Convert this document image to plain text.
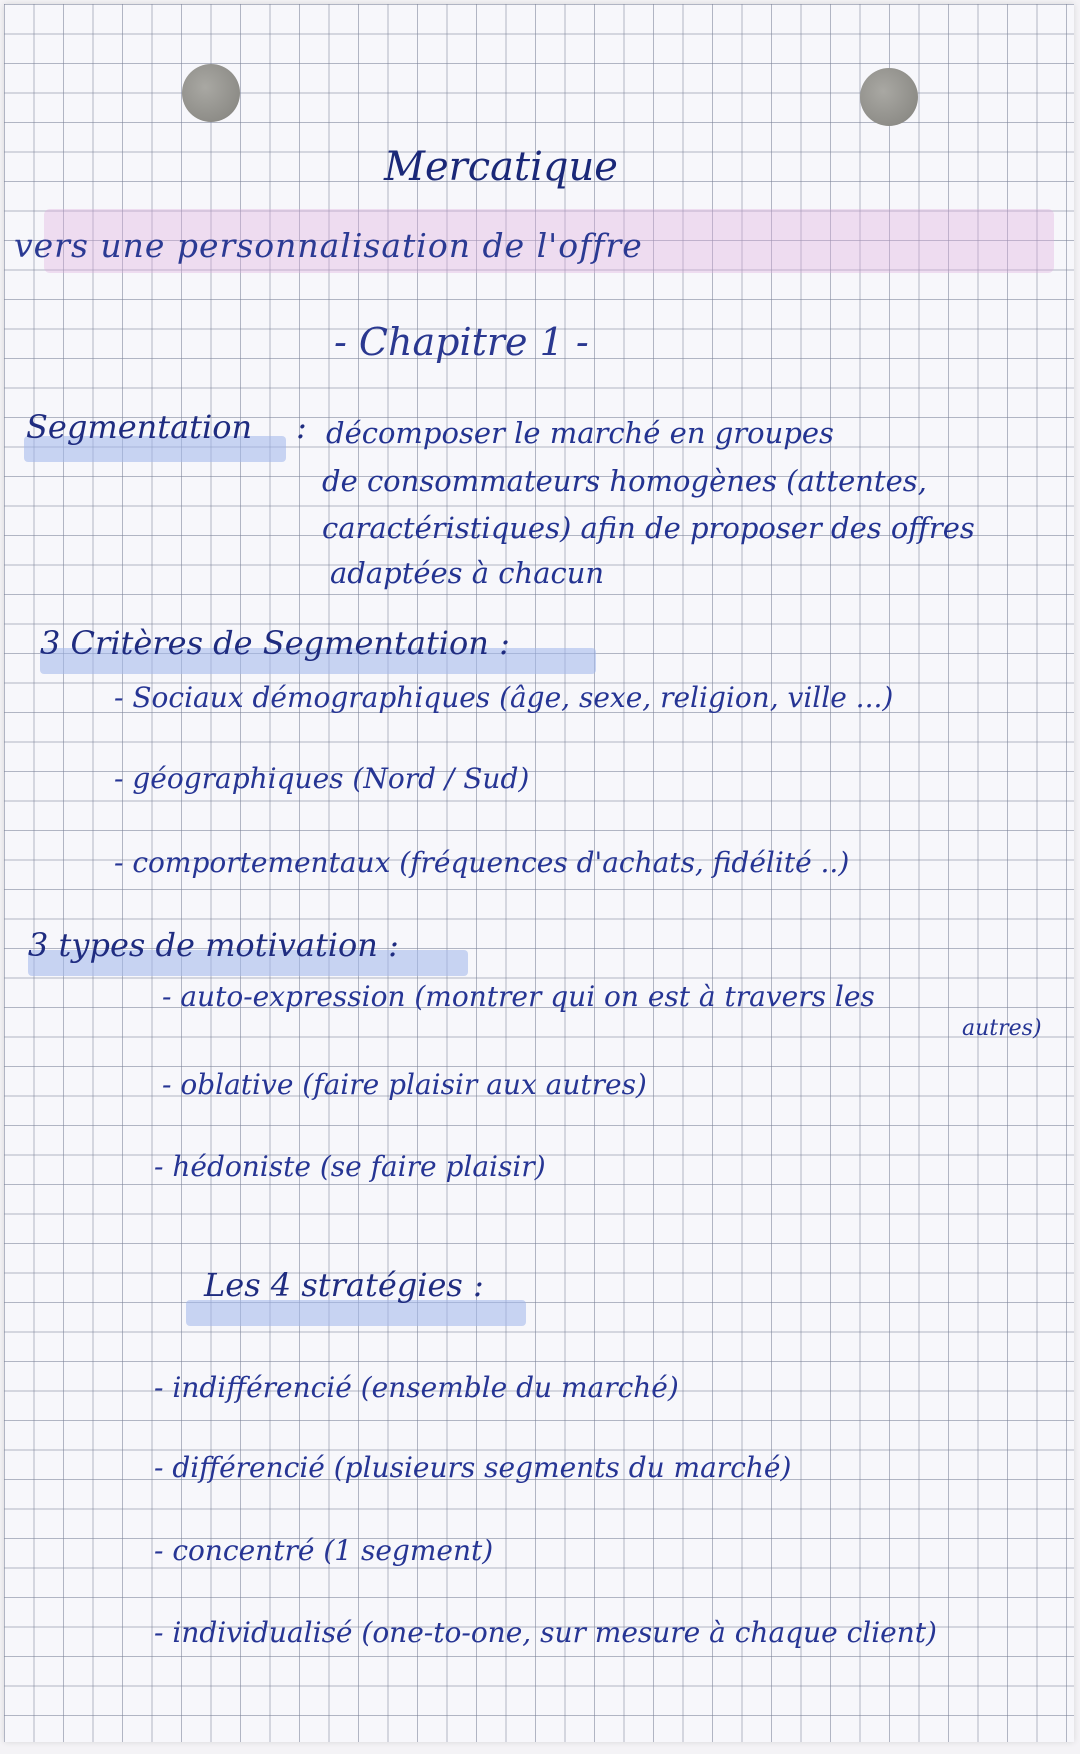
Mercatique
vers une personnalisation de l'offre
- Chapitre 1 -
Segmentation : décomposer le marché en groupes
de consommateurs homogènes (attentes,
caractéristiques) afin de proposer des offres
adaptées à chacun
3 Critères de Segmentation :
- Sociaux démographiques (âge, sexe, religion, ville ...)
- géographiques (Nord / Sud)
- comportementaux (fréquences d'achats, fidélité ..)
3 types de motivation :
- auto-expression (montrer qui on est à travers les
autres)
- oblative (faire plaisir aux autres)
- hédoniste (se faire plaisir)
Les 4 stratégies :
- indifférencié (ensemble du marché)
- différencié (plusieurs segments du marché)
- concentré (1 segment)
- individualisé (one-to-one, sur mesure à chaque client)
